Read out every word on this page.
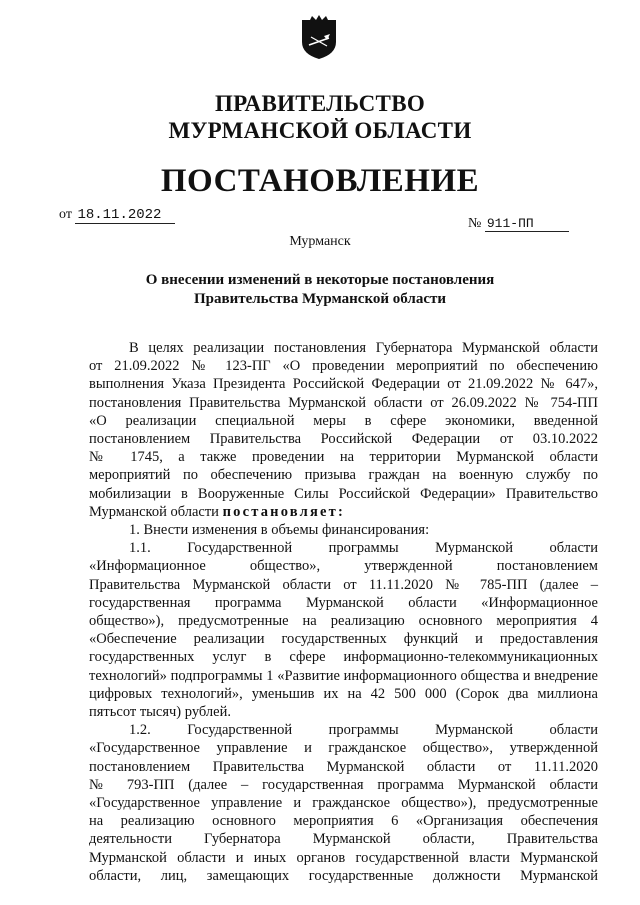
ПРАВИТЕЛЬСТВО
МУРМАНСКОЙ ОБЛАСТИ
ПОСТАНОВЛЕНИЕ
от 18.11.2022
№ 911-ПП
Мурманск
О внесении изменений в некоторые постановления
Правительства Мурманской области

В целях реализации постановления Губернатора Мурманской области

от 21.09.2022 № 123-ПГ «О проведении мероприятий по обеспечению

выполнения Указа Президента Российской Федерации от 21.09.2022 № 647»,

постановления Правительства Мурманской области от 26.09.2022 № 754-ПП

«О реализации специальной меры в сфере экономики, введенной

постановлением Правительства Российской Федерации от 03.10.2022

№ 1745, а также проведении на территории Мурманской области

мероприятий по обеспечению призыва граждан на военную службу по

мобилизации в Вооруженные Силы Российской Федерации» Правительство

Мурманской области постановляет:

1. Внести изменения в объемы финансирования:

1.1. Государственной программы Мурманской области

«Информационное общество», утвержденной постановлением

Правительства Мурманской области от 11.11.2020 № 785-ПП (далее –

государственная программа Мурманской области «Информационное

общество»), предусмотренные на реализацию основного мероприятия 4

«Обеспечение реализации государственных функций и предоставления

государственных услуг в сфере информационно-телекоммуникационных

технологий» подпрограммы 1 «Развитие информационного общества и внедрение

цифровых технологий», уменьшив их на 42 500 000 (Сорок два миллиона

пятьсот тысяч) рублей.

1.2. Государственной программы Мурманской области

«Государственное управление и гражданское общество», утвержденной

постановлением Правительства Мурманской области от 11.11.2020

№ 793-ПП (далее – государственная программа Мурманской области

«Государственное управление и гражданское общество»), предусмотренные

на реализацию основного мероприятия 6 «Организация обеспечения

деятельности Губернатора Мурманской области, Правительства

Мурманской области и иных органов государственной власти Мурманской

области, лиц, замещающих государственные должности Мурманской
